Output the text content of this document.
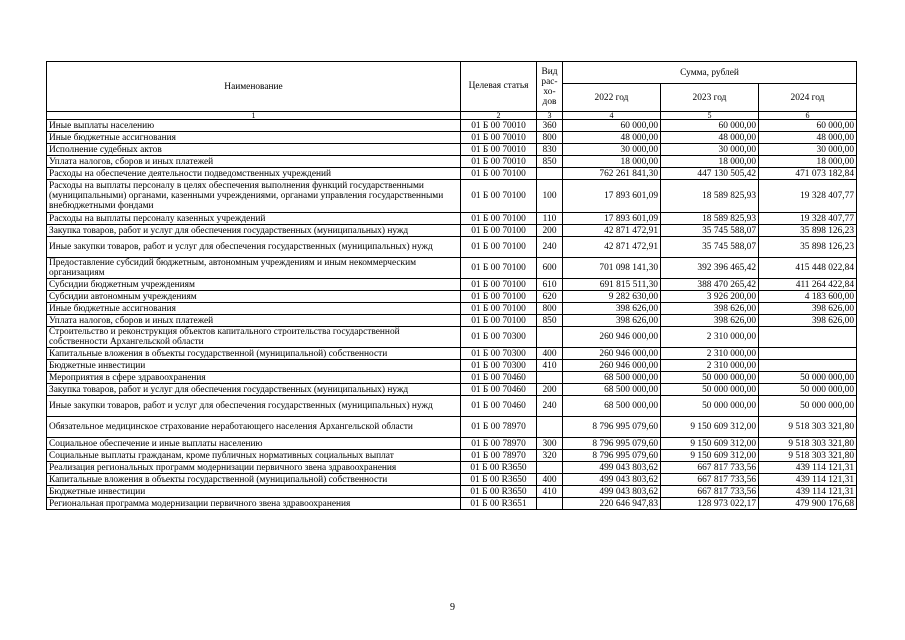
Наименование	Целевая статья	Вид
рас-
хо-
дов	Сумма, рублей		
			2022 год	2023 год	2024 год
1	2	3	4	5	6
Иные выплаты населению	01 Б 00 70010	360	60 000,00	60 000,00	60 000,00
Иные бюджетные ассигнования	01 Б 00 70010	800	48 000,00	48 000,00	48 000,00
Исполнение судебных актов	01 Б 00 70010	830	30 000,00	30 000,00	30 000,00
Уплата налогов, сборов и иных платежей	01 Б 00 70010	850	18 000,00	18 000,00	18 000,00
Расходы на обеспечение деятельности подведомственных учреждений	01 Б 00 70100		762 261 841,30	447 130 505,42	471 073 182,84
Расходы на выплаты персоналу в целях обеспечения выполнения функций государственными (муниципальными) органами, казенными учреждениями, органами управления государственными внебюджетными фондами	01 Б 00 70100	100	17 893 601,09	18 589 825,93	19 328 407,77
Расходы на выплаты персоналу казенных учреждений	01 Б 00 70100	110	17 893 601,09	18 589 825,93	19 328 407,77
Закупка товаров, работ и услуг для обеспечения государственных (муниципальных) нужд	01 Б 00 70100	200	42 871 472,91	35 745 588,07	35 898 126,23
Иные закупки товаров, работ и услуг для обеспечения государственных (муниципальных) нужд	01 Б 00 70100	240	42 871 472,91	35 745 588,07	35 898 126,23
Предоставление субсидий бюджетным, автономным учреждениям и иным некоммерческим организациям	01 Б 00 70100	600	701 098 141,30	392 396 465,42	415 448 022,84
Субсидии бюджетным учреждениям	01 Б 00 70100	610	691 815 511,30	388 470 265,42	411 264 422,84
Субсидии автономным учреждениям	01 Б 00 70100	620	9 282 630,00	3 926 200,00	4 183 600,00
Иные бюджетные ассигнования	01 Б 00 70100	800	398 626,00	398 626,00	398 626,00
Уплата налогов, сборов и иных платежей	01 Б 00 70100	850	398 626,00	398 626,00	398 626,00
Строительство и реконструкция объектов капитального строительства государственной собственности Архангельской области	01 Б 00 70300		260 946 000,00	2 310 000,00	
Капитальные вложения в объекты государственной (муниципальной) собственности	01 Б 00 70300	400	260 946 000,00	2 310 000,00	
Бюджетные инвестиции	01 Б 00 70300	410	260 946 000,00	2 310 000,00	
Мероприятия в сфере здравоохранения	01 Б 00 70460		68 500 000,00	50 000 000,00	50 000 000,00
Закупка товаров, работ и услуг для обеспечения государственных (муниципальных) нужд	01 Б 00 70460	200	68 500 000,00	50 000 000,00	50 000 000,00
Иные закупки товаров, работ и услуг для обеспечения государственных (муниципальных) нужд	01 Б 00 70460	240	68 500 000,00	50 000 000,00	50 000 000,00
Обязательное медицинское страхование неработающего населения Архангельской области	01 Б 00 78970		8 796 995 079,60	9 150 609 312,00	9 518 303 321,80
Социальное обеспечение и иные выплаты населению	01 Б 00 78970	300	8 796 995 079,60	9 150 609 312,00	9 518 303 321,80
Социальные выплаты гражданам, кроме публичных нормативных социальных выплат	01 Б 00 78970	320	8 796 995 079,60	9 150 609 312,00	9 518 303 321,80
Реализация региональных программ модернизации первичного звена здравоохранения	01 Б 00 R3650		499 043 803,62	667 817 733,56	439 114 121,31
Капитальные вложения в объекты государственной (муниципальной) собственности	01 Б 00 R3650	400	499 043 803,62	667 817 733,56	439 114 121,31
Бюджетные инвестиции	01 Б 00 R3650	410	499 043 803,62	667 817 733,56	439 114 121,31
Региональная программа модернизации первичного звена здравоохранения	01 Б 00 R3651		220 646 947,83	128 973 022,17	479 900 176,68
9
